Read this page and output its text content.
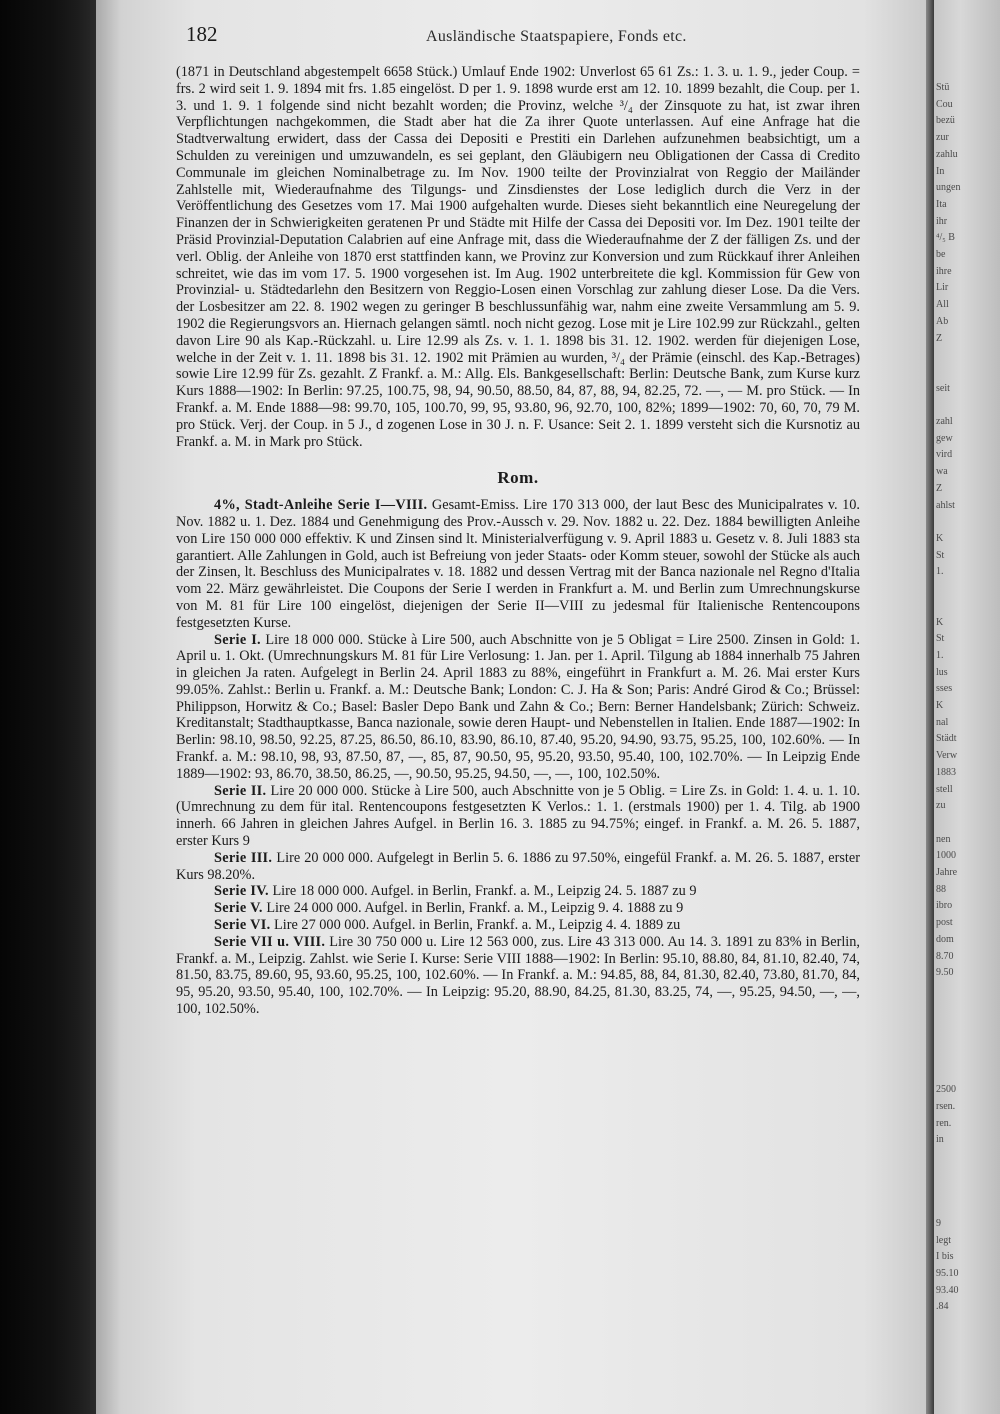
182	Ausländische Staatspapiere, Fonds etc.

(1871 in Deutschland abgestempelt 6658 Stück.) Umlauf Ende 1902: Unverlost 65 61 Zs.: 1. 3. u. 1. 9., jeder Coup. = frs. 2 wird seit 1. 9. 1894 mit frs. 1.85 eingelöst. D per 1. 9. 1898 wurde erst am 12. 10. 1899 bezahlt, die Coup. per 1. 3. und 1. 9. 1 folgende sind nicht bezahlt worden; die Provinz, welche ³/₄ der Zinsquote zu hat, ist zwar ihren Verpflichtungen nachgekommen, die Stadt aber hat die Za ihrer Quote unterlassen. Auf eine Anfrage hat die Stadtverwaltung erwidert, dass der Cassa dei Depositi e Prestiti ein Darlehen aufzunehmen beabsichtigt, um a Schulden zu vereinigen und umzuwandeln, es sei geplant, den Gläubigern neu Obligationen der Cassa di Credito Communale im gleichen Nominalbetrage zu. Im Nov. 1900 teilte der Provinzialrat von Reggio der Mailänder Zahlstelle mit, Wiederaufnahme des Tilgungs- und Zinsdienstes der Lose lediglich durch die Verz in der Veröffentlichung des Gesetzes vom 17. Mai 1900 aufgehalten wurde. Dieses sieht bekanntlich eine Neuregelung der Finanzen der in Schwierigkeiten geratenen Pr und Städte mit Hilfe der Cassa dei Depositi vor. Im Dez. 1901 teilte der Präsid Provinzial-Deputation Calabrien auf eine Anfrage mit, dass die Wiederaufnahme der Z der fälligen Zs. und der verl. Oblig. der Anleihe von 1870 erst stattfinden kann, we Provinz zur Konversion und zum Rückkauf ihrer Anleihen schreitet, wie das im vom 17. 5. 1900 vorgesehen ist. Im Aug. 1902 unterbreitete die kgl. Kommission für Gew von Provinzial- u. Städtedarlehn den Besitzern von Reggio-Losen einen Vorschlag zur zahlung dieser Lose. Da die Vers. der Losbesitzer am 22. 8. 1902 wegen zu geringer B beschlussunfähig war, nahm eine zweite Versammlung am 5. 9. 1902 die Regierungsvors an. Hiernach gelangen sämtl. noch nicht gezog. Lose mit je Lire 102.99 zur Rückzahl., gelten davon Lire 90 als Kap.-Rückzahl. u. Lire 12.99 als Zs. v. 1. 1. 1898 bis 31. 12. 1902. werden für diejenigen Lose, welche in der Zeit v. 1. 11. 1898 bis 31. 12. 1902 mit Prämien au wurden, ³/₄ der Prämie (einschl. des Kap.-Betrages) sowie Lire 12.99 für Zs. gezahlt. Z Frankf. a. M.: Allg. Els. Bankgesellschaft: Berlin: Deutsche Bank, zum Kurse kurz Kurs 1888—1902: In Berlin: 97.25, 100.75, 98, 94, 90.50, 88.50, 84, 87, 88, 94, 82.25, 72. —, — M. pro Stück. — In Frankf. a. M. Ende 1888—98: 99.70, 105, 100.70, 99, 95, 93.80, 96, 92.70, 100, 82%; 1899—1902: 70, 60, 70, 79 M. pro Stück. Verj. der Coup. in 5 J., d zogenen Lose in 30 J. n. F. Usance: Seit 2. 1. 1899 versteht sich die Kursnotiz au Frankf. a. M. in Mark pro Stück.

Rom.

4%, Stadt-Anleihe Serie I—VIII. Gesamt-Emiss. Lire 170 313 000, der laut Besc des Municipalrates v. 10. Nov. 1882 u. 1. Dez. 1884 und Genehmigung des Prov.-Aussch v. 29. Nov. 1882 u. 22. Dez. 1884 bewilligten Anleihe von Lire 150 000 000 effektiv. K und Zinsen sind lt. Ministerialverfügung v. 9. April 1883 u. Gesetz v. 8. Juli 1883 sta garantiert. Alle Zahlungen in Gold, auch ist Befreiung von jeder Staats- oder Komm steuer, sowohl der Stücke als auch der Zinsen, lt. Beschluss des Municipalrates v. 18. 1882 und dessen Vertrag mit der Banca nazionale nel Regno d'Italia vom 22. März gewährleistet. Die Coupons der Serie I werden in Frankfurt a. M. und Berlin zum Umrechnungskurse von M. 81 für Lire 100 eingelöst, diejenigen der Serie II—VIII zu jedesmal für Italienische Rentencoupons festgesetzten Kurse.

Serie I. Lire 18 000 000. Stücke à Lire 500, auch Abschnitte von je 5 Obligat = Lire 2500. Zinsen in Gold: 1. April u. 1. Okt. (Umrechnungskurs M. 81 für Lire Verlosung: 1. Jan. per 1. April. Tilgung ab 1884 innerhalb 75 Jahren in gleichen Ja raten. Aufgelegt in Berlin 24. April 1883 zu 88%, eingeführt in Frankfurt a. M. 26. Mai erster Kurs 99.05%. Zahlst.: Berlin u. Frankf. a. M.: Deutsche Bank; London: C. J. Ha & Son; Paris: André Girod & Co.; Brüssel: Philippson, Horwitz & Co.; Basel: Basler Depo Bank und Zahn & Co.; Bern: Berner Handelsbank; Zürich: Schweiz. Kreditanstalt; Stadthauptkasse, Banca nazionale, sowie deren Haupt- und Nebenstellen in Italien. Ende 1887—1902: In Berlin: 98.10, 98.50, 92.25, 87.25, 86.50, 86.10, 83.90, 86.10, 87.40, 95.20, 94.90, 93.75, 95.25, 100, 102.60%. — In Frankf. a. M.: 98.10, 98, 93, 87.50, 87, —, 85, 87, 90.50, 95, 95.20, 93.50, 95.40, 100, 102.70%. — In Leipzig Ende 1889—1902: 93, 86.70, 38.50, 86.25, —, 90.50, 95.25, 94.50, —, —, 100, 102.50%.

Serie II. Lire 20 000 000. Stücke à Lire 500, auch Abschnitte von je 5 Oblig. = Lire Zs. in Gold: 1. 4. u. 1. 10. (Umrechnung zu dem für ital. Rentencoupons festgesetzten K Verlos.: 1. 1. (erstmals 1900) per 1. 4. Tilg. ab 1900 innerh. 66 Jahren in gleichen Jahres Aufgel. in Berlin 16. 3. 1885 zu 94.75%; eingef. in Frankf. a. M. 26. 5. 1887, erster Kurs 9

Serie III. Lire 20 000 000. Aufgelegt in Berlin 5. 6. 1886 zu 97.50%, eingefül Frankf. a. M. 26. 5. 1887, erster Kurs 98.20%.

Serie IV. Lire 18 000 000. Aufgel. in Berlin, Frankf. a. M., Leipzig 24. 5. 1887 zu 9

Serie V. Lire 24 000 000. Aufgel. in Berlin, Frankf. a. M., Leipzig 9. 4. 1888 zu 9

Serie VI. Lire 27 000 000. Aufgel. in Berlin, Frankf. a. M., Leipzig 4. 4. 1889 zu

Serie VII u. VIII. Lire 30 750 000 u. Lire 12 563 000, zus. Lire 43 313 000. Au 14. 3. 1891 zu 83% in Berlin, Frankf. a. M., Leipzig. Zahlst. wie Serie I. Kurse: Serie VIII 1888—1902: In Berlin: 95.10, 88.80, 84, 81.10, 82.40, 74, 81.50, 83.75, 89.60, 95, 93.60, 95.25, 100, 102.60%. — In Frankf. a. M.: 94.85, 88, 84, 81.30, 82.40, 73.80, 81.70, 84, 95, 95.20, 93.50, 95.40, 100, 102.70%. — In Leipzig: 95.20, 88.90, 84.25, 81.30, 83.25, 74, —, 95.25, 94.50, —, —, 100, 102.50%.

Stü
Cou
bezü
zur
zahlu
In
ungen
Ita
ihr
⁴/₅ B
be
ihre
Lir
All
Ab
Z

seit

zahl
gew
vird
wa
Z
ahlst

K
St
1.

K
St
1.
lus
sses
K
nal
Städt
Verw
1883
stell
zu

nen
1000
Jahre
88
ibro
post
dom
8.70
9.50

2500
rsen.
ren.
in

9
legt
I bis
95.10
93.40
.84
